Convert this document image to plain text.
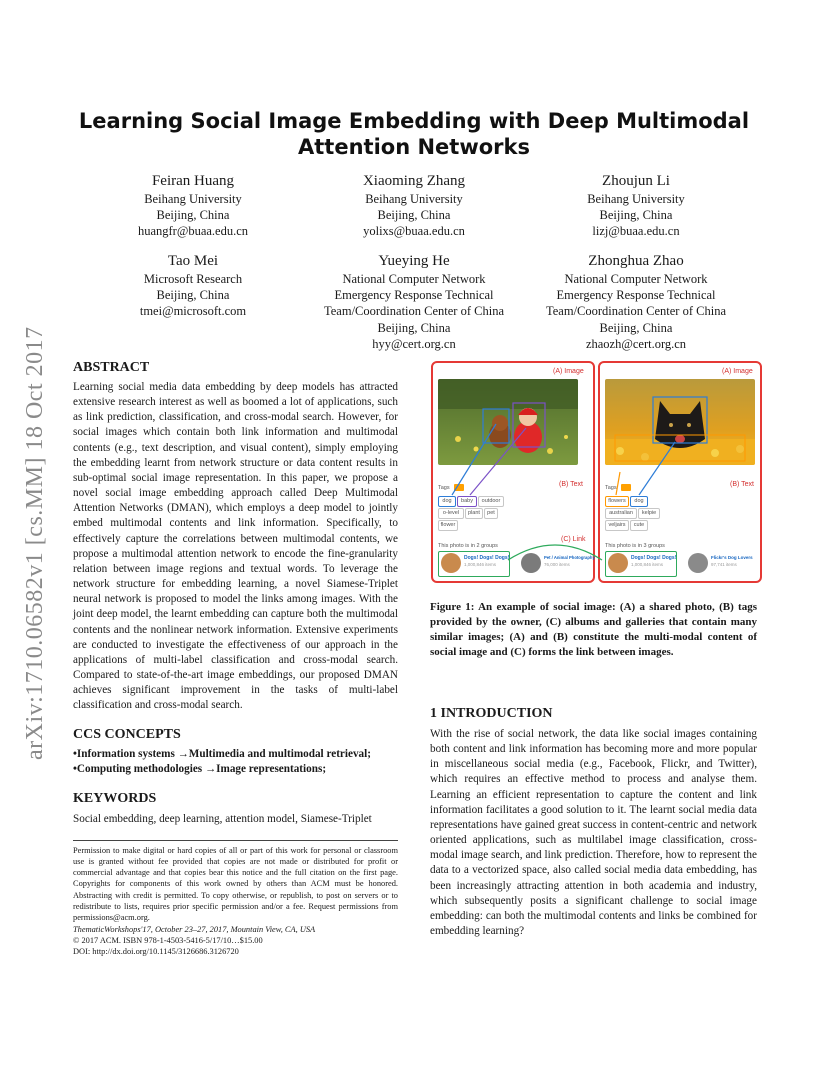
arXiv:1710.06582v1 [cs.MM] 18 Oct 2017
Learning Social Image Embedding with Deep Multimodal
Attention Networks
Feiran Huang
Beihang University
Beijing, China
huangfr@buaa.edu.cn
Xiaoming Zhang
Beihang University
Beijing, China
yolixs@buaa.edu.cn
Zhoujun Li
Beihang University
Beijing, China
lizj@buaa.edu.cn
Tao Mei
Microsoft Research
Beijing, China
tmei@microsoft.com
Yueying He
National Computer Network
Emergency Response Technical
Team/Coordination Center of China
Beijing, China
hyy@cert.org.cn
Zhonghua Zhao
National Computer Network
Emergency Response Technical
Team/Coordination Center of China
Beijing, China
zhaozh@cert.org.cn
ABSTRACT
Learning social media data embedding by deep models has attracted extensive research interest as well as boomed a lot of applications, such as link prediction, classification, and cross-modal search. However, for social images which contain both link information and multimodal contents (e.g., text description, and visual content), simply employing the embedding learnt from network structure or data content results in sub-optimal social image representation. In this paper, we propose a novel social image embedding approach called Deep Multimodal Attention Networks (DMAN), which employs a deep model to jointly embed multimodal contents and link information. Specifically, to effectively capture the correlations between multimodal contents, we propose a multimodal attention network to encode the fine-granularity relation between image regions and textual words. To leverage the network structure for embedding learning, a novel Siamese-Triplet neural network is proposed to model the links among images. With the joint deep model, the learnt embedding can capture both the multimodal contents and the nonlinear network information. Extensive experiments are conducted to investigate the effectiveness of our approach in the applications of multi-label classification and cross-modal search. Compared to state-of-the-art image embeddings, our proposed DMAN achieves significant improvement in the tasks of multi-label classification and cross-modal search.
CCS CONCEPTS
•Information systems →Multimedia and multimodal retrieval;
•Computing methodologies →Image representations;
KEYWORDS
Social embedding, deep learning, attention model, Siamese-Triplet
Permission to make digital or hard copies of all or part of this work for personal or classroom use is granted without fee provided that copies are not made or distributed for profit or commercial advantage and that copies bear this notice and the full citation on the first page. Copyrights for components of this work owned by others than ACM must be honored. Abstracting with credit is permitted. To copy otherwise, or republish, to post on servers or to redistribute to lists, requires prior specific permission and/or a fee. Request permissions from permissions@acm.org.
ThematicWorkshops'17, October 23–27, 2017, Mountain View, CA, USA
© 2017 ACM. ISBN 978-1-4503-5416-5/17/10…$15.00
DOI: http://dx.doi.org/10.1145/3126686.3126720
(A) Image
(B) Text
Tags
dog	baby	outdoor
o-level	plant	pet
flower
(C) Link
This photo is in 2 groups
Dogs! Dogs! Dogs!
1,000,846 items
Pet / Animal Photography
76,000 items
(A) Image
(B) Text
Tags
flowers	dog
australian	kelpie
veljairs	cute
This photo is in 3 groups
Dogs! Dogs! Dogs!
1,000,846 items
Flickr's Dog Lovers
97,741 items
Figure 1: An example of social image: (A) a shared photo, (B) tags provided by the owner, (C) albums and galleries that contain many similar images; (A) and (B) constitute the multi-modal content of social image and (C) forms the link between images.
1 INTRODUCTION
With the rise of social network, the data like social images containing both content and link information has becoming more and more popular in miscellaneous social media (e.g., Facebook, Flickr, and Twitter), which requires an effective method to process and analyse them. Learning an efficient representation to capture the content and link information facilitates a good solution to it. The learnt social media data representations have gained great success in content-centric and network oriented applications, such as multilabel image classification, cross-modal image search, and link prediction. Therefore, how to represent the data to a vectorized space, also called social media data embedding, has been increasingly attracting attention in both academia and industry, which subsequently posits a significant challenge to social image embedding: can both the multimodal contents and links be combined for embedding learning?
